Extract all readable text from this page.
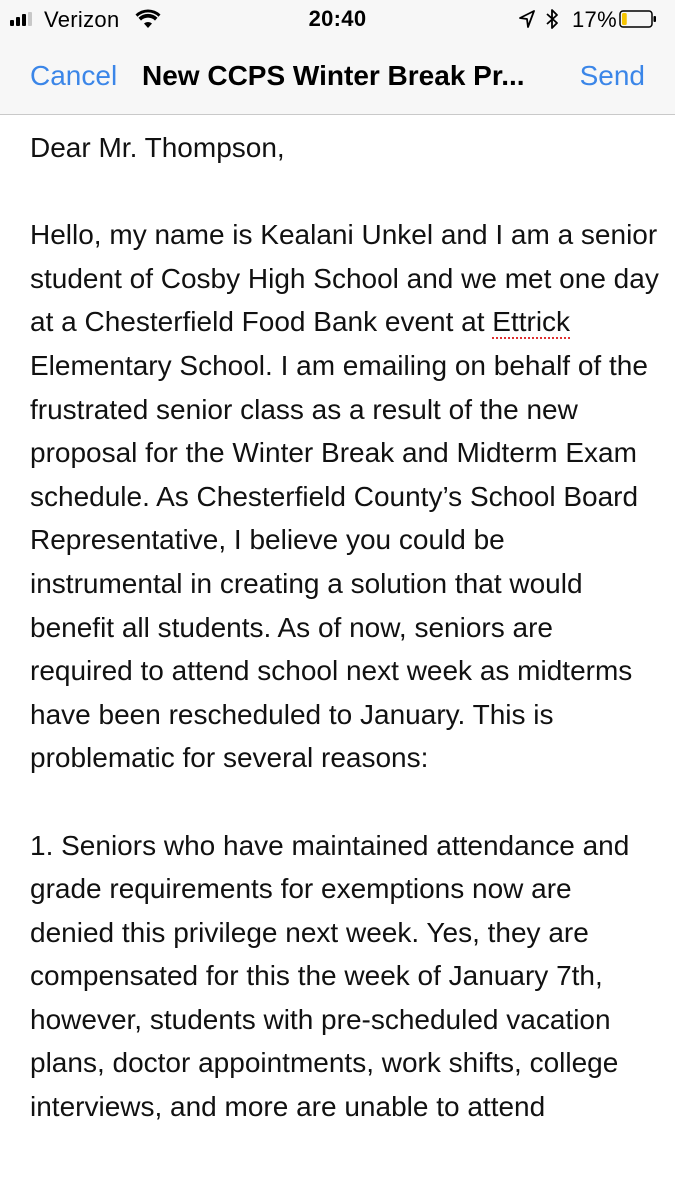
Verizon	20:40	17%
Cancel New CCPS Winter Break Pr...	Send

Dear Mr. Thompson,

Hello, my name is Kealani Unkel and I am a senior student of Cosby High School and we met one day at a Chesterfield Food Bank event at Ettrick Elementary School. I am emailing on behalf of the frustrated senior class as a result of the new proposal for the Winter Break and Midterm Exam schedule. As Chesterfield County’s School Board Representative, I believe you could be instrumental in creating a solution that would benefit all students. As of now, seniors are required to attend school next week as midterms have been rescheduled to January. This is problematic for several reasons:

1. Seniors who have maintained attendance and grade requirements for exemptions now are denied this privilege next week. Yes, they are compensated for this the week of January 7th, however, students with pre-scheduled vacation plans, doctor appointments, work shifts, college interviews, and more are unable to attend
